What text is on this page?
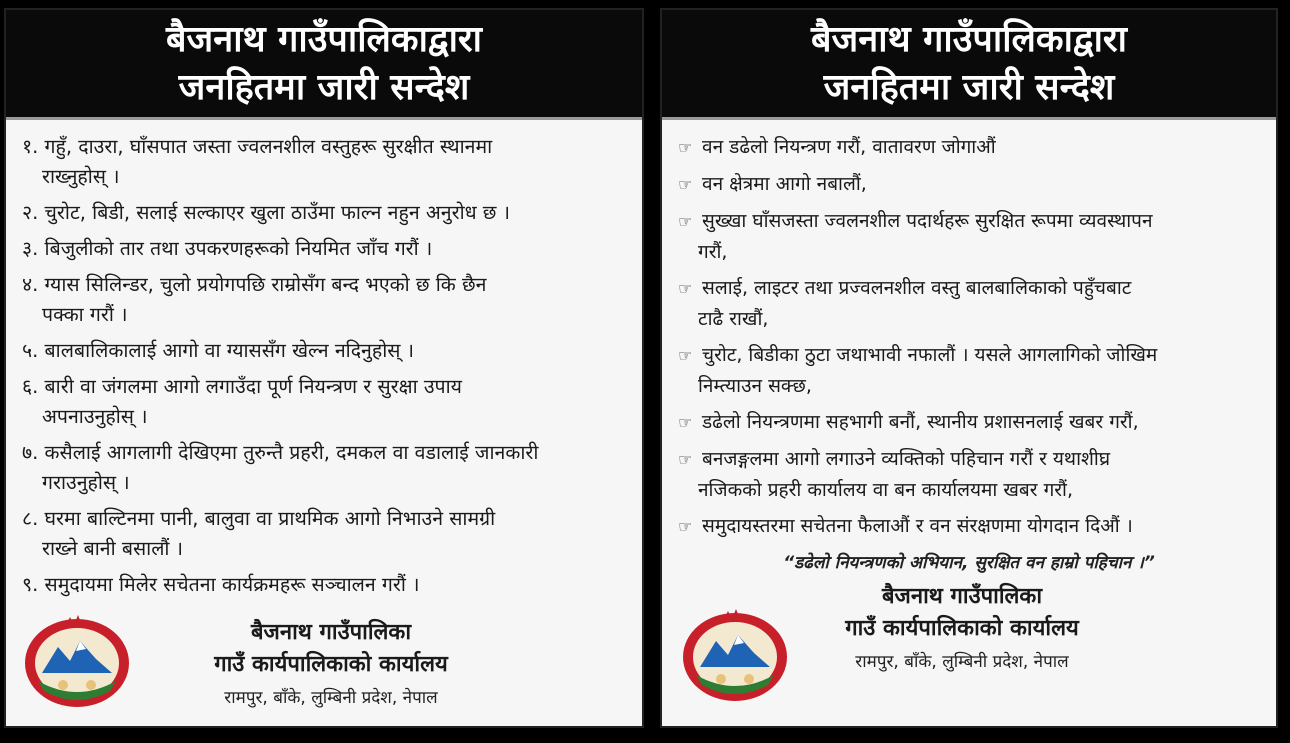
बैजनाथ गाउँपालिकाद्वारा
जनहितमा जारी सन्देश
१. गहुँ, दाउरा, घाँसपात जस्ता ज्वलनशील वस्तुहरू सुरक्षीत स्थानमा
राख्नुहोस् ।
२. चुरोट, बिडी, सलाई सल्काएर खुला ठाउँमा फाल्न नहुन अनुरोध छ ।
३. बिजुलीको तार तथा उपकरणहरूको नियमित जाँच गरौं ।
४. ग्यास सिलिन्डर, चुलो प्रयोगपछि राम्रोसँग बन्द भएको छ कि छैन
पक्का गरौं ।
५. बालबालिकालाई आगो वा ग्याससँग खेल्न नदिनुहोस् ।
६. बारी वा जंगलमा आगो लगाउँदा पूर्ण नियन्त्रण र सुरक्षा उपाय
अपनाउनुहोस् ।
७. कसैलाई आगलागी देखिएमा तुरुन्तै प्रहरी, दमकल वा वडालाई जानकारी
गराउनुहोस् ।
८. घरमा बाल्टिनमा पानी, बालुवा वा प्राथमिक आगो निभाउने सामग्री
राख्ने बानी बसालौं ।
९. समुदायमा मिलेर सचेतना कार्यक्रमहरू सञ्चालन गरौं ।
बैजनाथ गाउँपालिका
गाउँ कार्यपालिकाको कार्यालय
रामपुर, बाँके, लुम्बिनी प्रदेश, नेपाल
बैजनाथ गाउँपालिकाद्वारा
जनहितमा जारी सन्देश
☞ वन डढेलो नियन्त्रण गरौं, वातावरण जोगाऔं
☞ वन क्षेत्रमा आगो नबालौं,
☞ सुख्खा घाँसजस्ता ज्वलनशील पदार्थहरू सुरक्षित रूपमा व्यवस्थापन
गरौं,
☞ सलाई, लाइटर तथा प्रज्वलनशील वस्तु बालबालिकाको पहुँचबाट
टाढै राखौं,
☞ चुरोट, बिडीका ठुटा जथाभावी नफालौं । यसले आगलागिको जोखिम
निम्त्याउन सक्छ,
☞ डढेलो नियन्त्रणमा सहभागी बनौं, स्थानीय प्रशासनलाई खबर गरौं,
☞ बनजङ्गलमा आगो लगाउने व्यक्तिको पहिचान गरौं र यथाशीघ्र
नजिकको प्रहरी कार्यालय वा बन कार्यालयमा खबर गरौं,
☞ समुदायस्तरमा सचेतना फैलाऔं र वन संरक्षणमा योगदान दिऔं ।
“डढेलो नियन्त्रणको अभियान, सुरक्षित वन हाम्रो पहिचान ।”
बैजनाथ गाउँपालिका
गाउँ कार्यपालिकाको कार्यालय
रामपुर, बाँके, लुम्बिनी प्रदेश, नेपाल
